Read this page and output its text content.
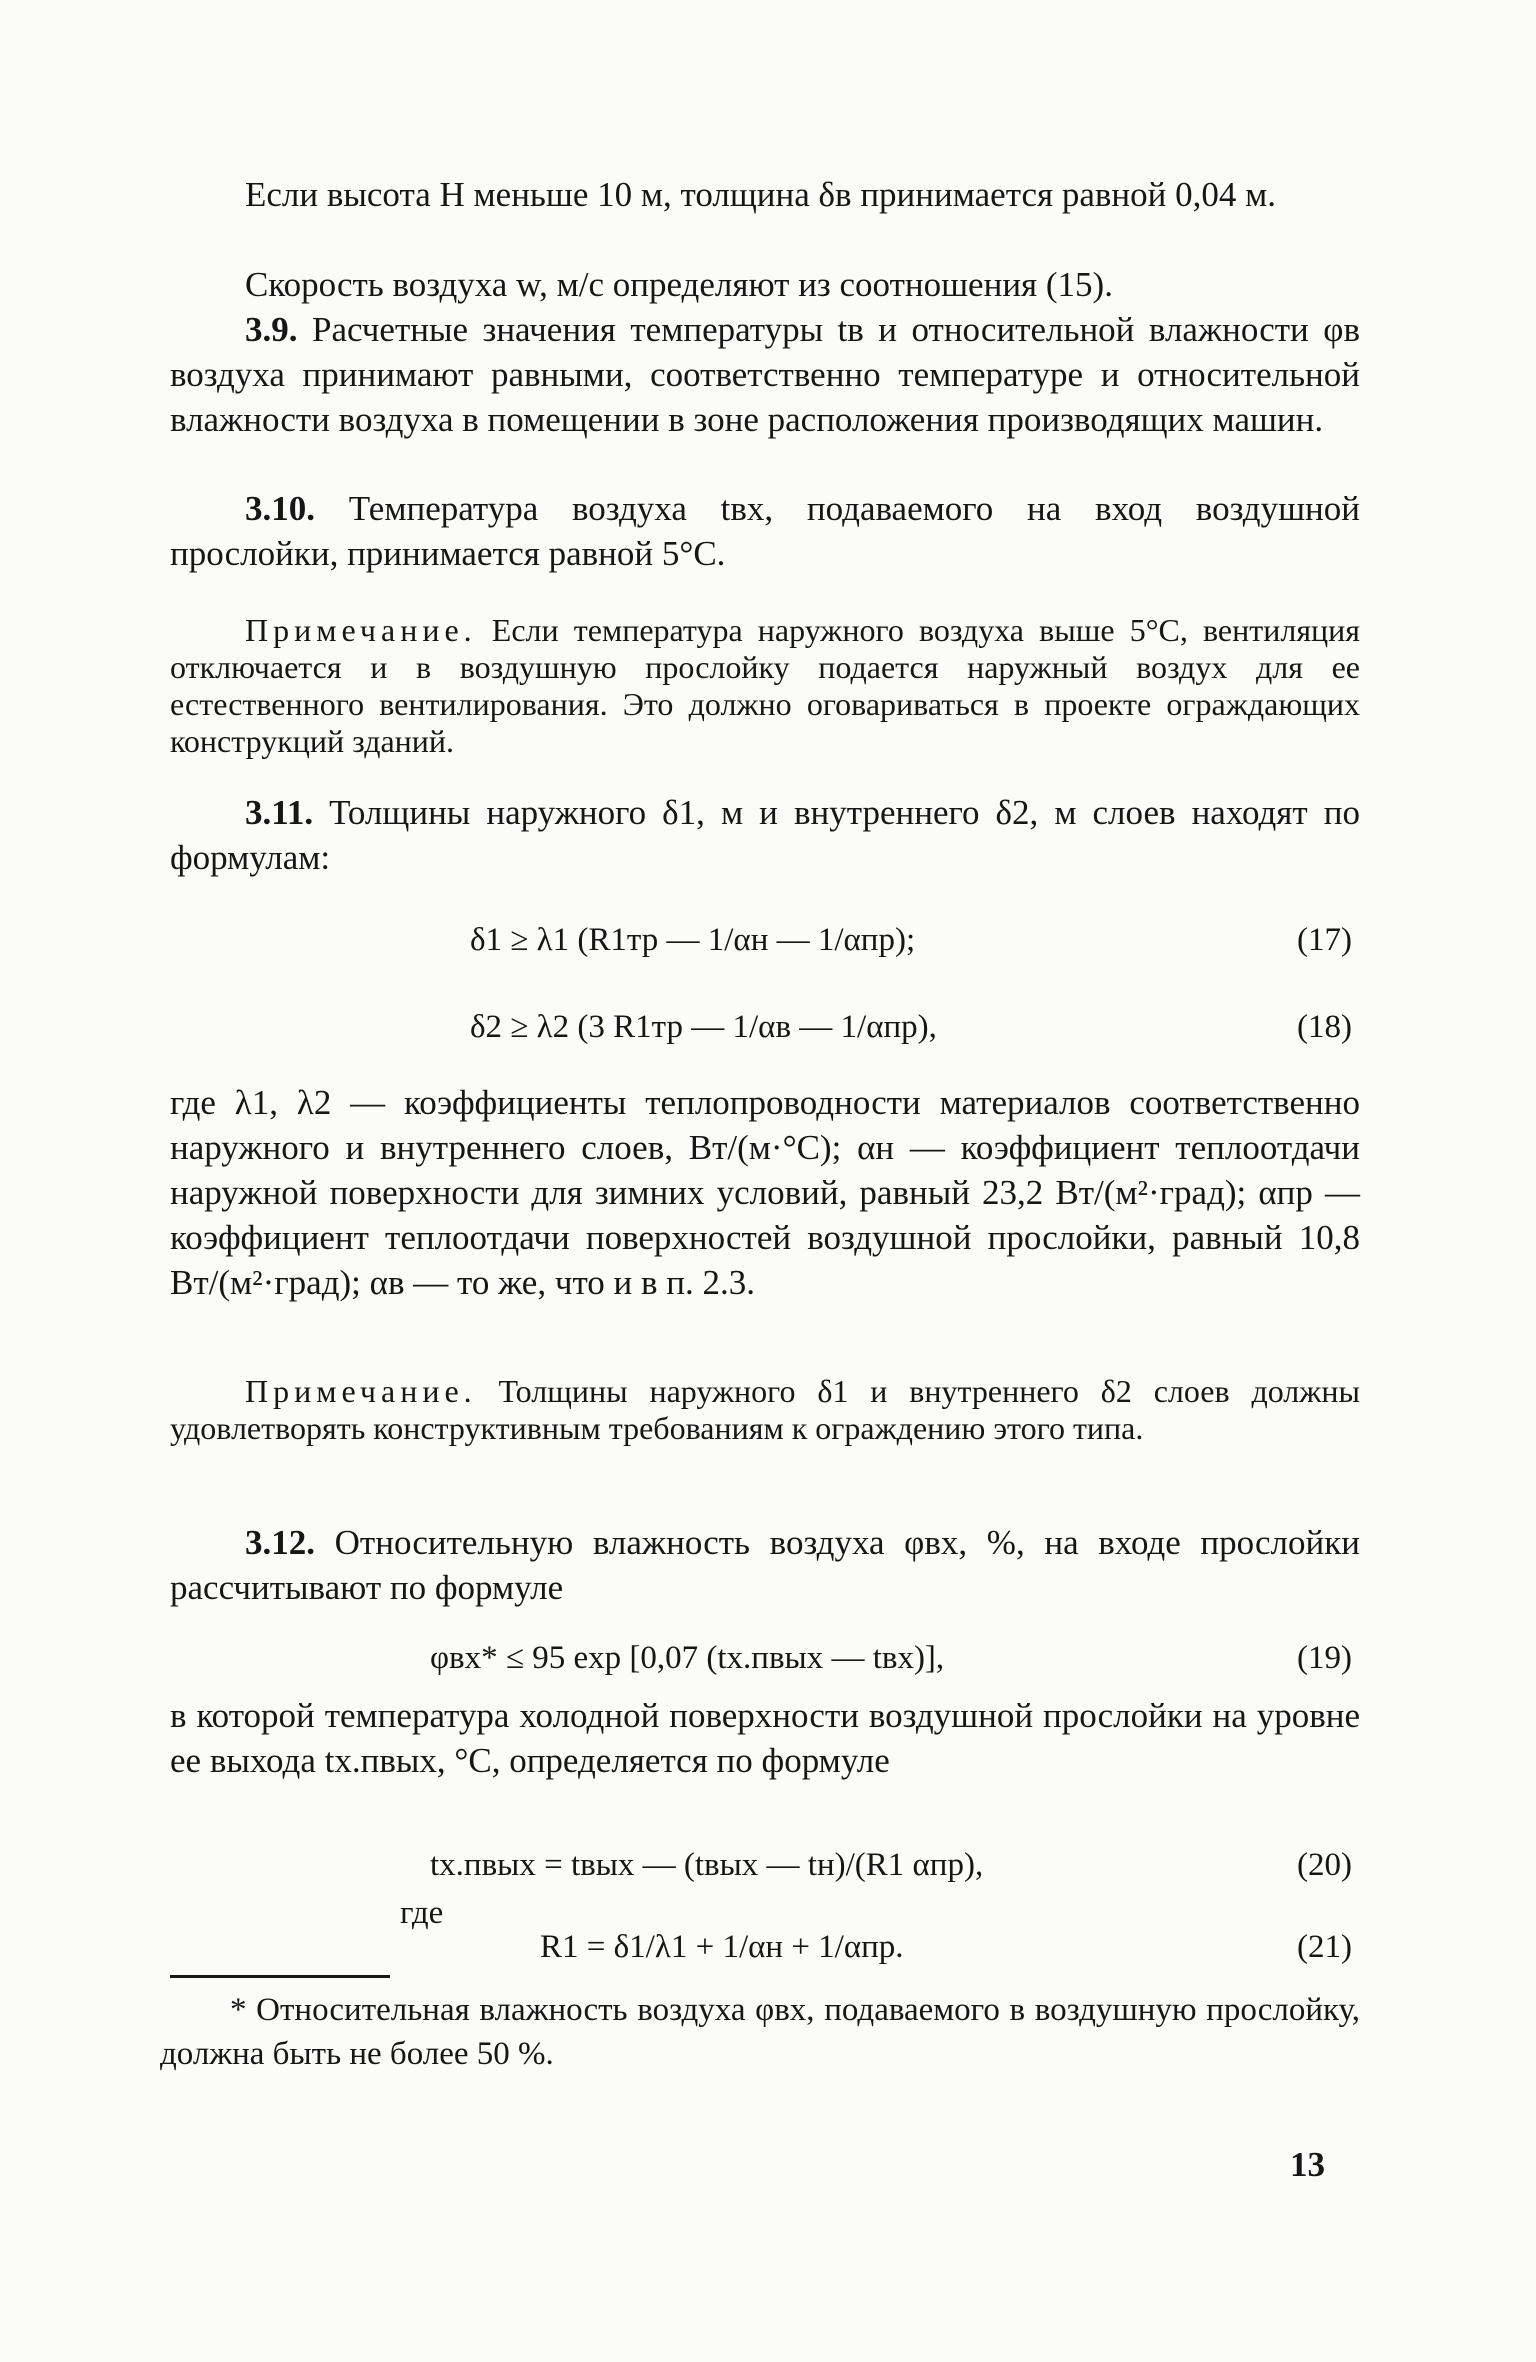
Если высота H меньше 10 м, толщина δв принимается равной 0,04 м.
Скорость воздуха w, м/с определяют из соотношения (15).
3.9. Расчетные значения температуры tв и относительной влажности φв воздуха принимают равными, соответственно температуре и относительной влажности воздуха в помещении в зоне расположения производящих машин.
3.10. Температура воздуха tвх, подаваемого на вход воздушной прослойки, принимается равной 5°С.
Примечание. Если температура наружного воздуха выше 5°С, вентиляция отключается и в воздушную прослойку подается наружный воздух для ее естественного вентилирования. Это должно оговариваться в проекте ограждающих конструкций зданий.
3.11. Толщины наружного δ1, м и внутреннего δ2, м слоев находят по формулам:
δ1 ≥ λ1 (R1тр — 1/αн — 1/αпр);	(17)
δ2 ≥ λ2 (3 R1тр — 1/αв — 1/αпр),	(18)
где λ1, λ2 — коэффициенты теплопроводности материалов соответственно наружного и внутреннего слоев, Вт/(м·°С); αн — коэффициент теплоотдачи наружной поверхности для зимних условий, равный 23,2 Вт/(м²·град); αпр — коэффициент теплоотдачи поверхностей воздушной прослойки, равный 10,8 Вт/(м²·град); αв — то же, что и в п. 2.3.
Примечание. Толщины наружного δ1 и внутреннего δ2 слоев должны удовлетворять конструктивным требованиям к ограждению этого типа.
3.12. Относительную влажность воздуха φвх, %, на входе прослойки рассчитывают по формуле
φвх* ≤ 95 exp [0,07 (tх.пвых — tвх)],	(19)
в которой температура холодной поверхности воздушной прослойки на уровне ее выхода tх.пвых, °С, определяется по формуле
tх.пвых = tвых — (tвых — tн)/(R1 αпр),	(20)
где
R1 = δ1/λ1 + 1/αн + 1/αпр.	(21)
* Относительная влажность воздуха φвх, подаваемого в воздушную прослойку, должна быть не более 50 %.
13
